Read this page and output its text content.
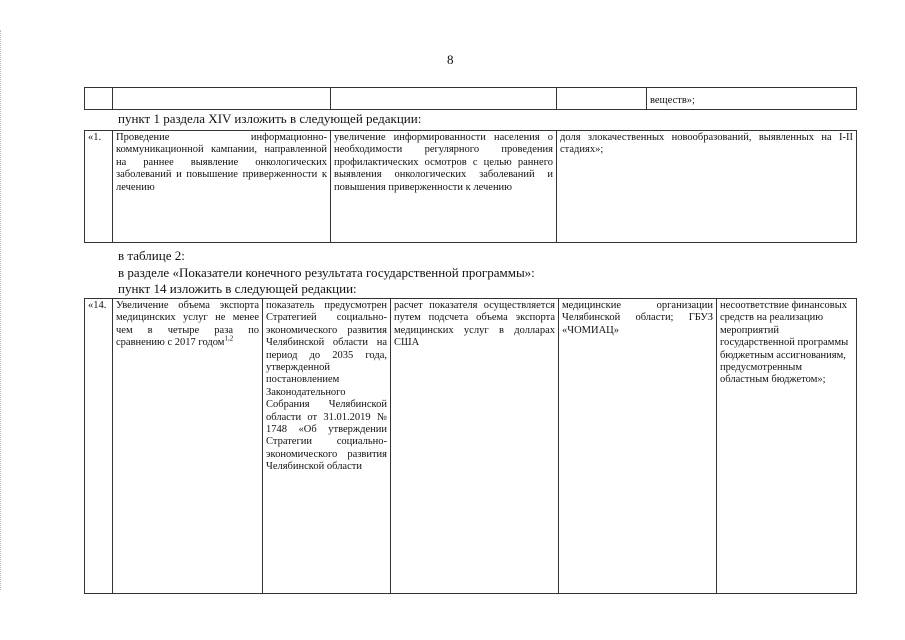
8
				веществ»;
пункт 1 раздела XIV изложить в следующей редакции:
«1.	Проведение информационно-коммуникационной кампании, направленной на раннее выявление онкологических заболеваний и повышение приверженности к лечению	увеличение информированности населения о необходимости регулярного проведения профилактических осмотров с целью раннего выявления онкологических заболеваний и повышения приверженности к лечению	доля злокачественных новообразований, выявленных на I-II стадиях»;
в таблице 2:
в разделе «Показатели конечного результата государственной программы»:
пункт 14 изложить в следующей редакции:
«14.	Увеличение объема экспорта медицинских услуг не менее чем в четыре раза по сравнению с 2017 годом$^{1,2}$	показатель предусмотрен Стратегией социально-экономического развития Челябинской области на период до 2035 года, утвержденной постановлением Законодательного Собрания Челябинской области от 31.01.2019 № 1748 «Об утверждении Стратегии социально-экономического развития Челябинской области	расчет показателя осуществляется путем подсчета объема экспорта медицинских услуг в долларах США	медицинские организации Челябинской области; ГБУЗ «ЧОМИАЦ»	несоответствие финансовых средств на реализацию мероприятий государственной программы бюджетным ассигнованиям, предусмотренным областным бюджетом»;
